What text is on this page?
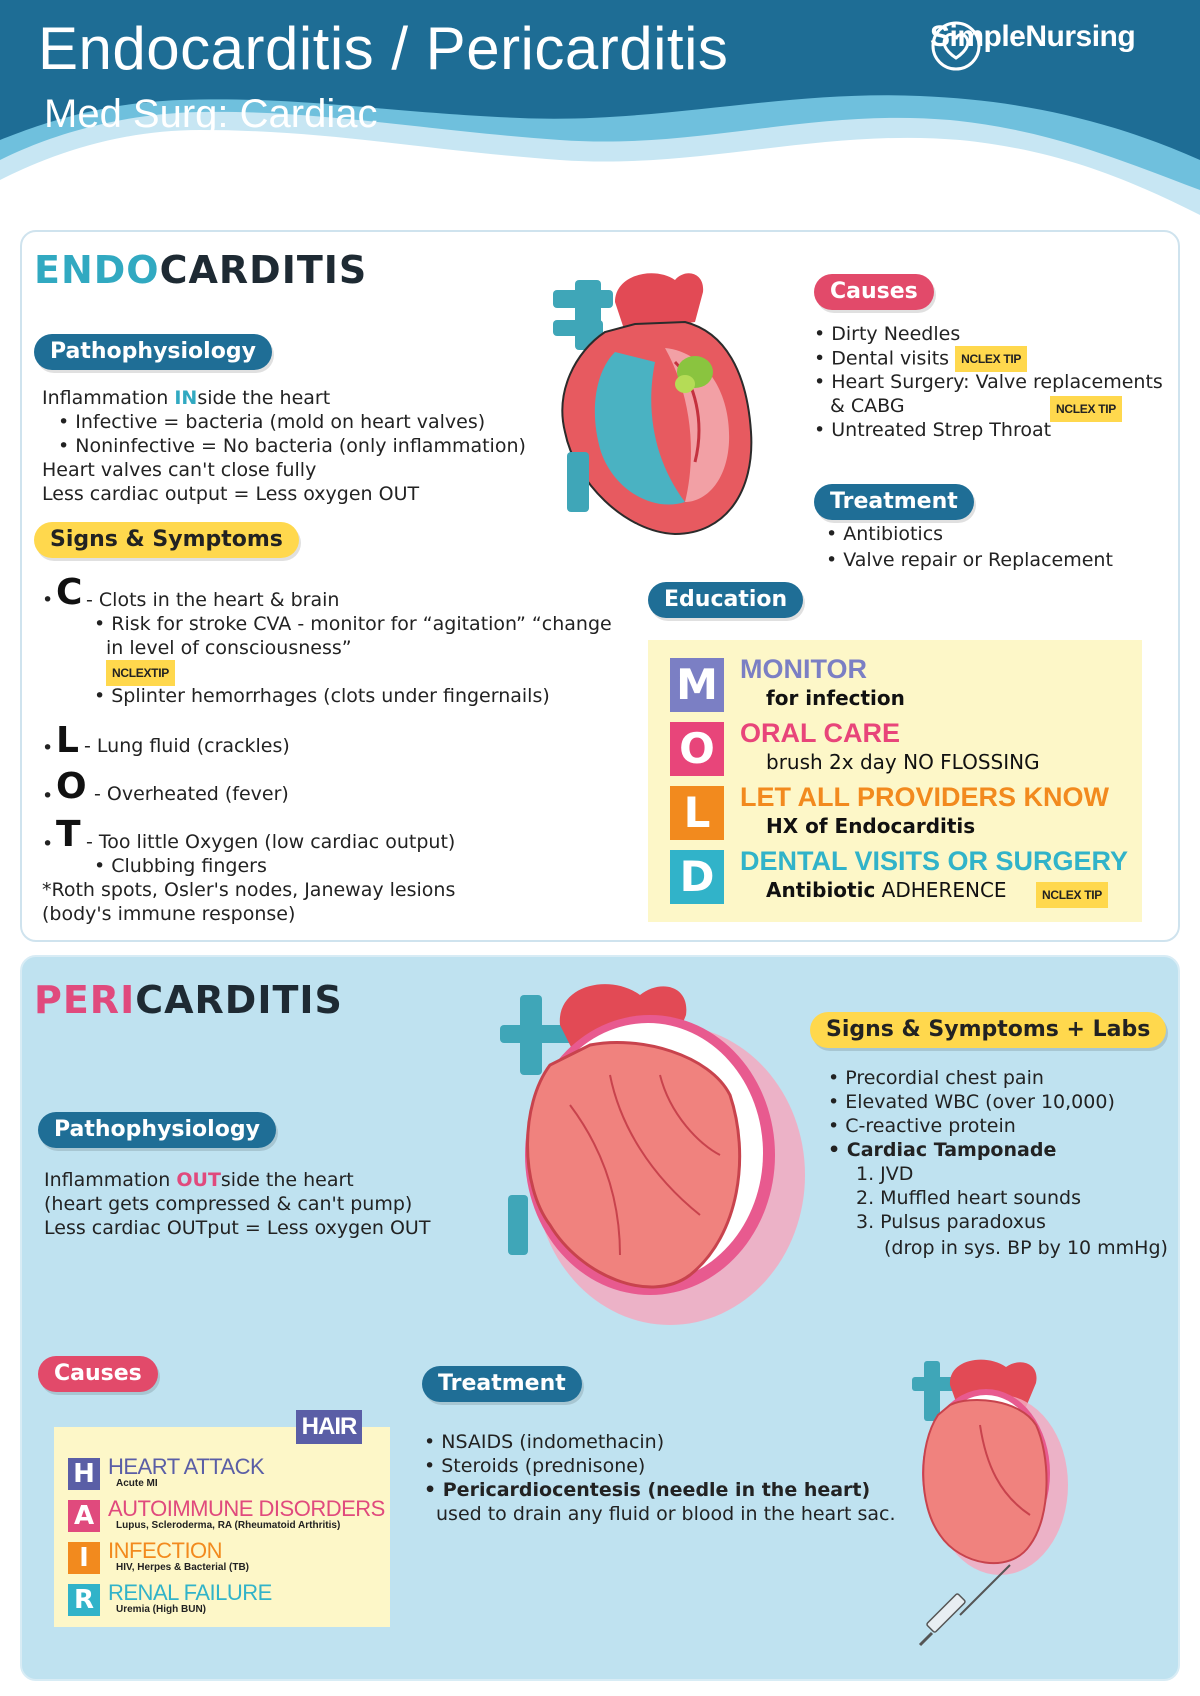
Endocarditis / Pericarditis
Med Surg: Cardiac
SimpleNursing
ENDOCARDITIS
Pathophysiology
Inflammation INside the heart
• Infective = bacteria (mold on heart valves)
• Noninfective = No bacteria (only inflammation)
Heart valves can't close fully
Less cardiac output = Less oxygen OUT
Signs & Symptoms
• C - Clots in the heart & brain
• Risk for stroke CVA - monitor for “agitation” “change
in level of consciousness”
NCLEXTIP
• Splinter hemorrhages (clots under fingernails)
• L - Lung fluid (crackles)
• O - Overheated (fever)
• T - Too little Oxygen (low cardiac output)
• Clubbing fingers
*Roth spots, Osler's nodes, Janeway lesions
(body's immune response)
Causes
• Dirty Needles
• Dental visits NCLEX TIP
• Heart Surgery: Valve replacements
& CABG	NCLEX TIP
• Untreated Strep Throat
Treatment
• Antibiotics
• Valve repair or Replacement
Education
M MONITOR
for infection
O ORAL CARE
brush 2x day NO FLOSSING
L	LET ALL PROVIDERS KNOW
HX of Endocarditis
D DENTAL VISITS OR SURGERY
Antibiotic ADHERENCE	NCLEX TIP
PERICARDITIS
Pathophysiology
Inflammation OUTside the heart
(heart gets compressed & can't pump)
Less cardiac OUTput = Less oxygen OUT
Signs & Symptoms + Labs
• Precordial chest pain
• Elevated WBC (over 10,000)
• C-reactive protein
• Cardiac Tamponade
1. JVD
2. Muffled heart sounds
3. Pulsus paradoxus
(drop in sys. BP by 10 mmHg)
Causes
HAIR
H HEART ATTACK
Acute MI
A AUTOIMMUNE DISORDERS
Lupus, Scleroderma, RA (Rheumatoid Arthritis)
I INFECTION
HIV, Herpes & Bacterial (TB)
R RENAL FAILURE
Uremia (High BUN)
Treatment
• NSAIDS (indomethacin)
• Steroids (prednisone)
• Pericardiocentesis (needle in the heart)
used to drain any fluid or blood in the heart sac.
